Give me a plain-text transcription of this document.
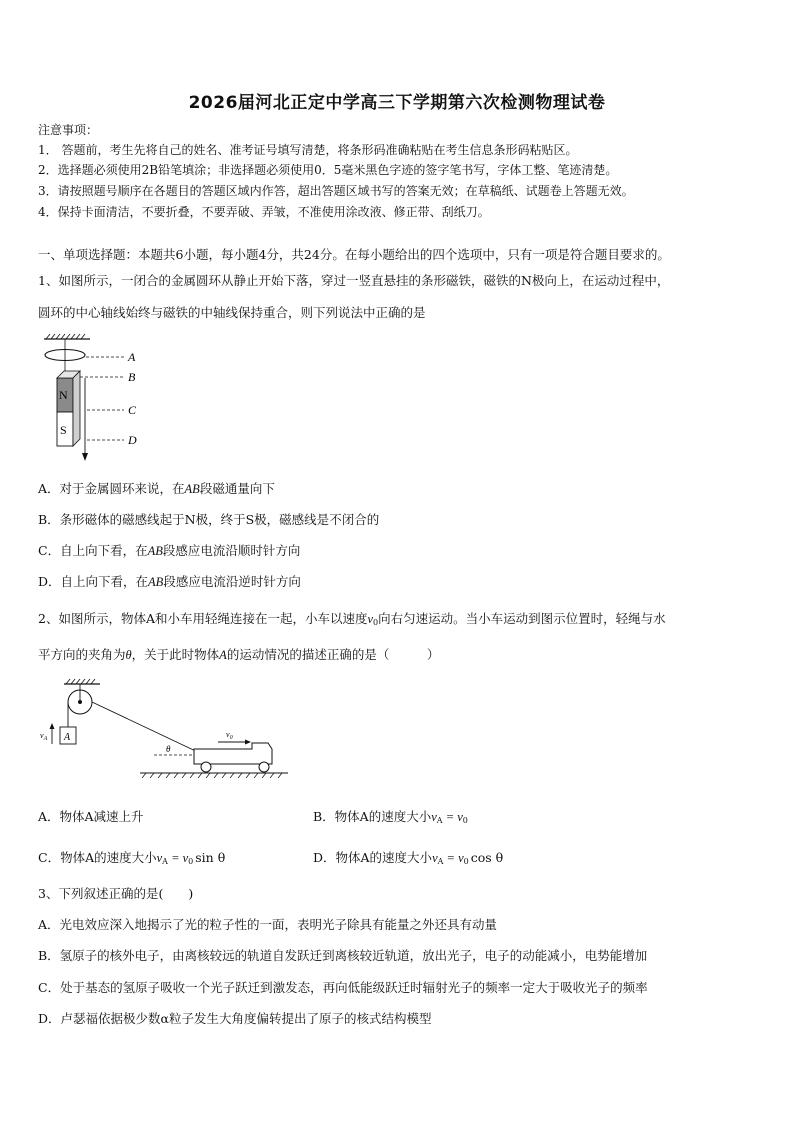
2026届河北正定中学高三下学期第六次检测物理试卷
注意事项：
1． 答题前，考生先将自己的姓名、准考证号填写清楚，将条形码准确粘贴在考生信息条形码粘贴区。
2．选择题必须使用2B铅笔填涂；非选择题必须使用0．5毫米黑色字迹的签字笔书写，字体工整、笔迹清楚。
3．请按照题号顺序在各题目的答题区域内作答，超出答题区域书写的答案无效；在草稿纸、试题卷上答题无效。
4．保持卡面清洁，不要折叠，不要弄破、弄皱，不准使用涂改液、修正带、刮纸刀。
一、单项选择题：本题共6小题，每小题4分，共24分。在每小题给出的四个选项中，只有一项是符合题目要求的。
1、如图所示，一闭合的金属圆环从静止开始下落，穿过一竖直悬挂的条形磁铁，磁铁的N极向上，在运动过程中，
圆环的中心轴线始终与磁铁的中轴线保持重合，则下列说法中正确的是
N
S
A
B
C
D
A．对于金属圆环来说，在AB段磁通量向下
B．条形磁体的磁感线起于N极，终于S极，磁感线是不闭合的
C．自上向下看，在AB段感应电流沿顺时针方向
D．自上向下看，在AB段感应电流沿逆时针方向
2、如图所示，物体A和小车用轻绳连接在一起，小车以速度$v_0$向右匀速运动。当小车运动到图示位置时，轻绳与水
平方向的夹角为θ，关于此时物体A的运动情况的描述正确的是（　　　）
A
$v_A$
θ
$v_0$
A．物体A减速上升	B．物体A的速度大小$v_A = v_0$
C．物体A的速度大小$v_A = v_0$ sin θ	D．物体A的速度大小$v_A = v_0$ cos θ
3、下列叙述正确的是(　　)
A．光电效应深入地揭示了光的粒子性的一面，表明光子除具有能量之外还具有动量
B．氢原子的核外电子，由离核较远的轨道自发跃迁到离核较近轨道，放出光子，电子的动能减小，电势能增加
C．处于基态的氢原子吸收一个光子跃迁到激发态，再向低能级跃迁时辐射光子的频率一定大于吸收光子的频率
D．卢瑟福依据极少数α粒子发生大角度偏转提出了原子的核式结构模型
